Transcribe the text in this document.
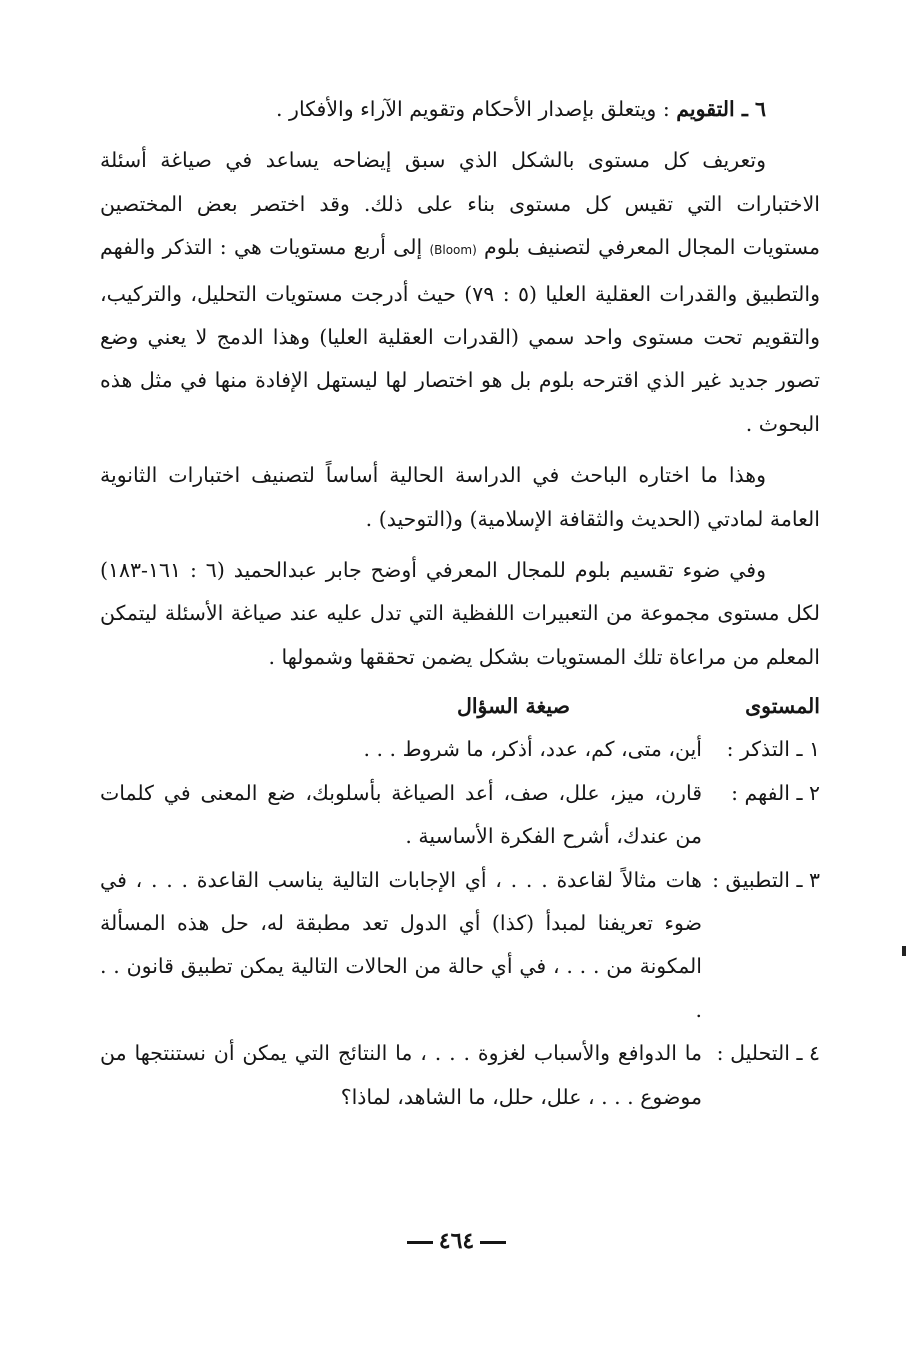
٦ ـ التقويم : ويتعلق بإصدار الأحكام وتقويم الآراء والأفكار .

وتعريف كل مستوى بالشكل الذي سبق إيضاحه يساعد في صياغة أسئلة الاختبارات التي تقيس كل مستوى بناء على ذلك. وقد اختصر بعض المختصين مستويات المجال المعرفي لتصنيف بلوم (Bloom) إلى أربع مستويات هي : التذكر والفهم والتطبيق والقدرات العقلية العليا (٥ : ٧٩) حيث أدرجت مستويات التحليل، والتركيب، والتقويم تحت مستوى واحد سمي (القدرات العقلية العليا) وهذا الدمج لا يعني وضع تصور جديد غير الذي اقترحه بلوم بل هو اختصار لها ليستهل الإفادة منها في مثل هذه البحوث .

وهذا ما اختاره الباحث في الدراسة الحالية أساساً لتصنيف اختبارات الثانوية العامة لمادتي (الحديث والثقافة الإسلامية) و(التوحيد) .

وفي ضوء تقسيم بلوم للمجال المعرفي أوضح جابر عبدالحميد (٦ : ١٦١-١٨٣) لكل مستوى مجموعة من التعبيرات اللفظية التي تدل عليه عند صياغة الأسئلة ليتمكن المعلم من مراعاة تلك المستويات بشكل يضمن تحققها وشمولها .

المستوى
صيغة السؤال
١ ـ التذكر :
أين، متى، كم، عدد، أذكر، ما شروط . . .
٢ ـ الفهم :
قارن، ميز، علل، صف، أعد الصياغة بأسلوبك، ضع المعنى في كلمات من عندك، أشرح الفكرة الأساسية .
٣ ـ التطبيق :
هات مثالاً لقاعدة . . . ، أي الإجابات التالية يناسب القاعدة . . . ، في ضوء تعريفنا لمبدأ (كذا) أي الدول تعد مطبقة له، حل هذه المسألة المكونة من . . . ، في أي حالة من الحالات التالية يمكن تطبيق قانون . . .
٤ ـ التحليل :
ما الدوافع والأسباب لغزوة . . . ، ما النتائج التي يمكن أن نستنتجها من موضوع . . . ، علل، حلل، ما الشاهد، لماذا؟
٤٦٤
